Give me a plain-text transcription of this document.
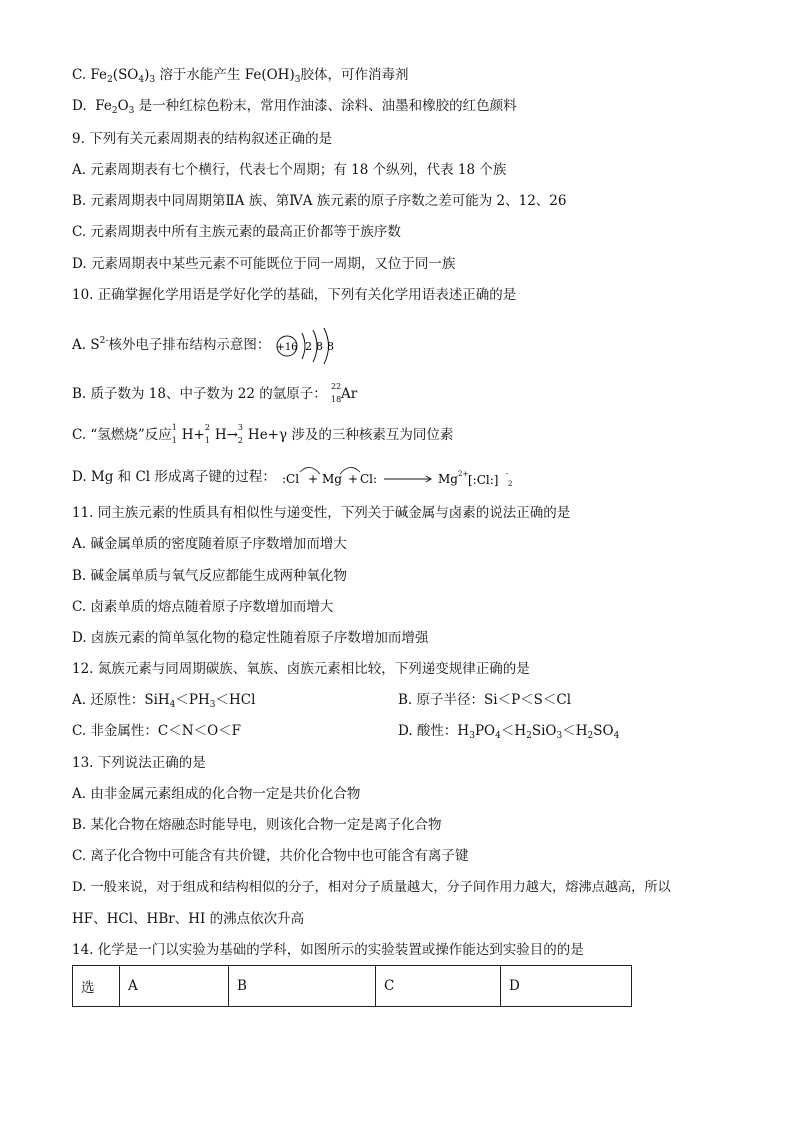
C. $Fe_2(SO_4)_3$ 溶于水能产生 $Fe(OH)_3$胶体，可作消毒剂
D.  $Fe_2O_3$ 是一种红棕色粉末，常用作油漆、涂料、油墨和橡胶的红色颜料
9. 下列有关元素周期表的结构叙述正确的是
A. 元素周期表有七个横行，代表七个周期；有 18 个纵列，代表 18 个族
B. 元素周期表中同周期第ⅡA 族、第ⅣA 族元素的原子序数之差可能为 2、12、26
C. 元素周期表中所有主族元素的最高正价都等于族序数
D. 元素周期表中某些元素不可能既位于同一周期，又位于同一族
10. 正确掌握化学用语是学好化学的基础，下列有关化学用语表述正确的是
A. $S^{2-}$核外电子排布结构示意图： +16 2 8 8
B. 质子数为 18、中子数为 22 的氩原子： 22
18 Ar
C. “氢燃烧”反应 1
1 H+ 2
1 H→ 3
2 He+γ 涉及的三种核素互为同位素
D. Mg 和 Cl 形成离子键的过程： :Cl + Mg + Cl:	Mg 2+ [:Cl:] -
2
11. 同主族元素的性质具有相似性与递变性，下列关于碱金属与卤素的说法正确的是
A. 碱金属单质的密度随着原子序数增加而增大
B. 碱金属单质与氧气反应都能生成两种氧化物
C. 卤素单质的熔点随着原子序数增加而增大
D. 卤族元素的简单氢化物的稳定性随着原子序数增加而增强
12. 氮族元素与同周期碳族、氧族、卤族元素相比较，下列递变规律正确的是
A. 还原性：$SiH_4<PH_3<HCl$	B. 原子半径：Si＜P＜S＜Cl
C. 非金属性：C＜N＜O＜F	D. 酸性：$H_3PO_4<H_2SiO_3<H_2SO_4$
13. 下列说法正确的是
A. 由非金属元素组成的化合物一定是共价化合物
B. 某化合物在熔融态时能导电，则该化合物一定是离子化合物
C. 离子化合物中可能含有共价键，共价化合物中也可能含有离子键
D. 一般来说，对于组成和结构相似的分子，相对分子质量越大，分子间作用力越大，熔沸点越高，所以
HF、HCl、HBr、HI 的沸点依次升高
14. 化学是一门以实验为基础的学科，如图所示的实验装置或操作能达到实验目的的是
选	A	B	C	D
